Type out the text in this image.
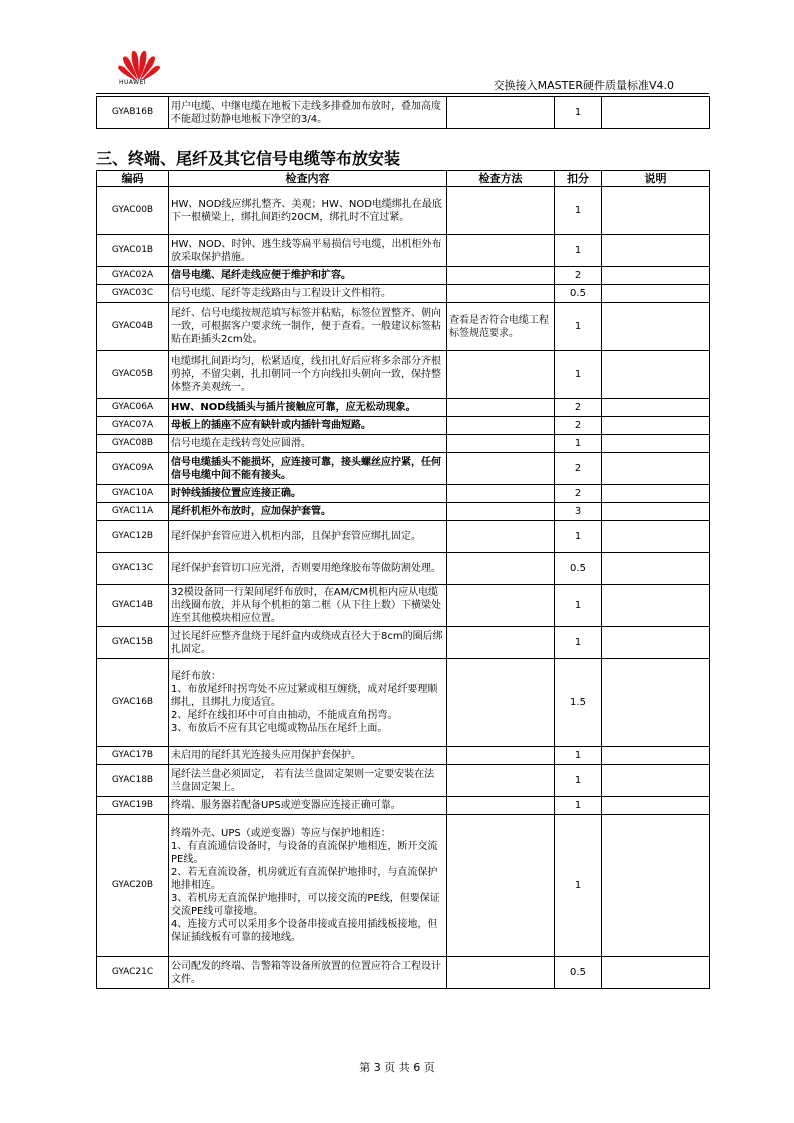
HUAWEI	交换接入MASTER硬件质量标准V4.0
GYAB16B	用户电缆、中继电缆在地板下走线多排叠加布放时，叠加高度不能超过防静电地板下净空的3/4。		1	
三、终端、尾纤及其它信号电缆等布放安装
编码	检查内容	检查方法	扣分	说明
GYAC00B	HW、NOD线应绑扎整齐、美观；HW、NOD电缆绑扎在最底下一根横梁上，绑扎间距约20CM，绑扎时不宜过紧。		1	
GYAC01B	HW、NOD、时钟、逃生线等扁平易损信号电缆，出机柜外布放采取保护措施。		1	
GYAC02A	信号电缆、尾纤走线应便于维护和扩容。		2	
GYAC03C	信号电缆、尾纤等走线路由与工程设计文件相符。		0.5	
GYAC04B	尾纤、信号电缆按规范填写标签并粘贴，标签位置整齐、朝向一致，可根据客户要求统一制作，便于查看。一般建议标签粘贴在距插头2cm处。	查看是否符合电缆工程标签规范要求。	1	
GYAC05B	电缆绑扎间距均匀，松紧适度，线扣扎好后应将多余部分齐根剪掉，不留尖刺，扎扣朝同一个方向线扣头朝向一致，保持整体整齐美观统一。		1	
GYAC06A	HW、NOD线插头与插片接触应可靠，应无松动现象。		2	
GYAC07A	母板上的插座不应有缺针或内插针弯曲短路。		2	
GYAC08B	信号电缆在走线转弯处应圆滑。		1	
GYAC09A	信号电缆插头不能损坏，应连接可靠，接头螺丝应拧紧，任何信号电缆中间不能有接头。		2	
GYAC10A	时钟线插接位置应连接正确。		2	
GYAC11A	尾纤机柜外布放时，应加保护套管。		3	
GYAC12B	尾纤保护套管应进入机柜内部，且保护套管应绑扎固定。		1	
GYAC13C	尾纤保护套管切口应光滑，否则要用绝缘胶布等做防割处理。		0.5	
GYAC14B	32模设备同一行架间尾纤布放时，在AM/CM机柜内应从电缆出线圈布放，并从每个机柜的第二框（从下往上数）下横梁处连至其他模块相应位置。		1	
GYAC15B	过长尾纤应整齐盘绕于尾纤盒内或绕成直径大于8cm的圈后绑扎固定。		1	
GYAC16B	尾纤布放：
1、布放尾纤时拐弯处不应过紧或相互缠绕，成对尾纤要理顺绑扎，且绑扎力度适宜。
2、尾纤在线扣环中可自由抽动，不能成直角拐弯。
3、布放后不应有其它电缆或物品压在尾纤上面。		1.5	
GYAC17B	未启用的尾纤其光连接头应用保护套保护。		1	
GYAC18B	尾纤法兰盘必须固定， 若有法兰盘固定架则一定要安装在法兰盘固定架上。		1	
GYAC19B	终端、服务器若配备UPS或逆变器应连接正确可靠。		1	
GYAC20B	终端外壳、UPS（或逆变器）等应与保护地相连：
1、有直流通信设备时，与设备的直流保护地相连，断开交流PE线。
2、若无直流设备，机房就近有直流保护地排时，与直流保护地排相连。
3、若机房无直流保护地排时，可以接交流的PE线，但要保证交流PE线可靠接地。
4、连接方式可以采用多个设备串接或直接用插线板接地，但保证插线板有可靠的接地线。		1	
GYAC21C	公司配发的终端、告警箱等设备所放置的位置应符合工程设计文件。		0.5	
第 3 页 共 6 页
